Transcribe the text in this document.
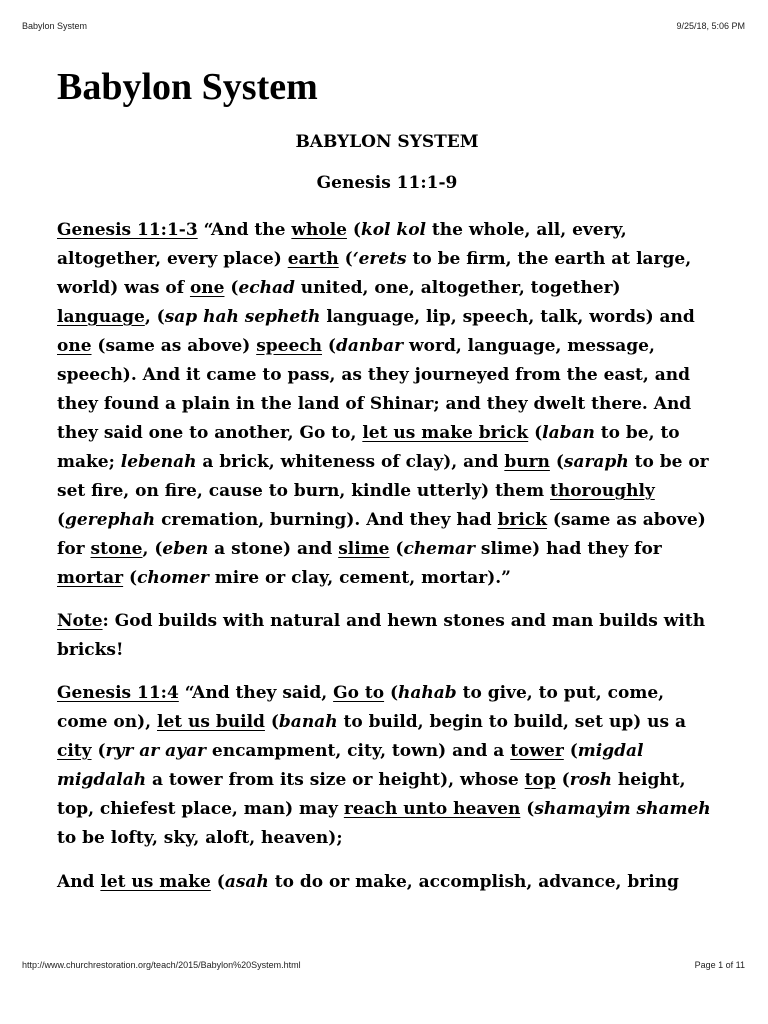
Babylon System	9/25/18, 5:06 PM
Babylon System

BABYLON SYSTEM

Genesis 11:1-9

Genesis 11:1-3 “And the whole (kol kol the whole, all, every, altogether, every place) earth (‘erets to be firm, the earth at large, world) was of one (echad united, one, altogether, together) language, (sap hah sepheth language, lip, speech, talk, words) and one (same as above) speech (danbar word, language, message, speech). And it came to pass, as they journeyed from the east, and they found a plain in the land of Shinar; and they dwelt there. And they said one to another, Go to, let us make brick (laban to be, to make; lebenah a brick, whiteness of clay), and burn (saraph to be or set fire, on fire, cause to burn, kindle utterly) them thoroughly (gerephah cremation, burning). And they had brick (same as above) for stone, (eben a stone) and slime (chemar slime) had they for mortar (chomer mire or clay, cement, mortar).”

Note: God builds with natural and hewn stones and man builds with bricks!

Genesis 11:4 “And they said, Go to (hahab to give, to put, come, come on), let us build (banah to build, begin to build, set up) us a city (ryr ar ayar encampment, city, town) and a tower (migdal migdalah a tower from its size or height), whose top (rosh height, top, chiefest place, man) may reach unto heaven (shamayim shameh to be lofty, sky, aloft, heaven);

And let us make (asah to do or make, accomplish, advance, bring

http://www.churchrestoration.org/teach/2015/Babylon%20System.html	Page 1 of 11
